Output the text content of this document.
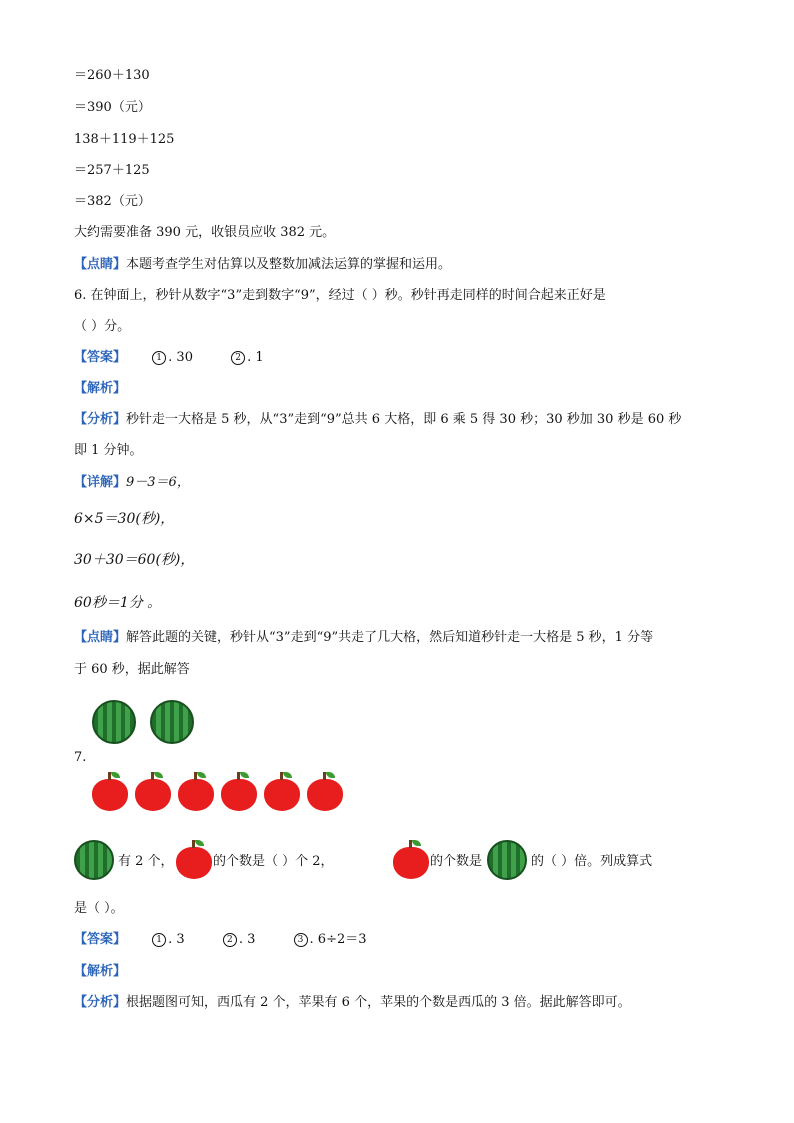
＝260＋130
＝390（元）
138＋119＋125
＝257＋125
＝382（元）
大约需要准备 390 元，收银员应收 382 元。
【点睛】本题考查学生对估算以及整数加减法运算的掌握和运用。
6. 在钟面上，秒针从数字“3”走到数字“9”，经过（ ）秒。秒针再走同样的时间合起来正好是
（ ）分。
【答案】	1 . 30	2 . 1
【解析】
【分析】秒针走一大格是 5 秒，从“3”走到“9”总共 6 大格，即 6 乘 5 得 30 秒；30 秒加 30 秒是 60 秒
即 1 分钟。
【详解】9－3＝6，
6×5＝30(秒)，
30＋30＝60(秒)，
60秒＝1分 。
【点睛】解答此题的关键，秒针从“3”走到“9”共走了几大格，然后知道秒针走一大格是 5 秒，1 分等
于 60 秒，据此解答
7.
有 2 个，	的个数是（ ）个 2，	的个数是	的（ ）倍。列成算式
是（ ）。
【答案】	1 . 3	2 . 3	3 . 6÷2＝3
【解析】
【分析】根据题图可知，西瓜有 2 个，苹果有 6 个，苹果的个数是西瓜的 3 倍。据此解答即可。
